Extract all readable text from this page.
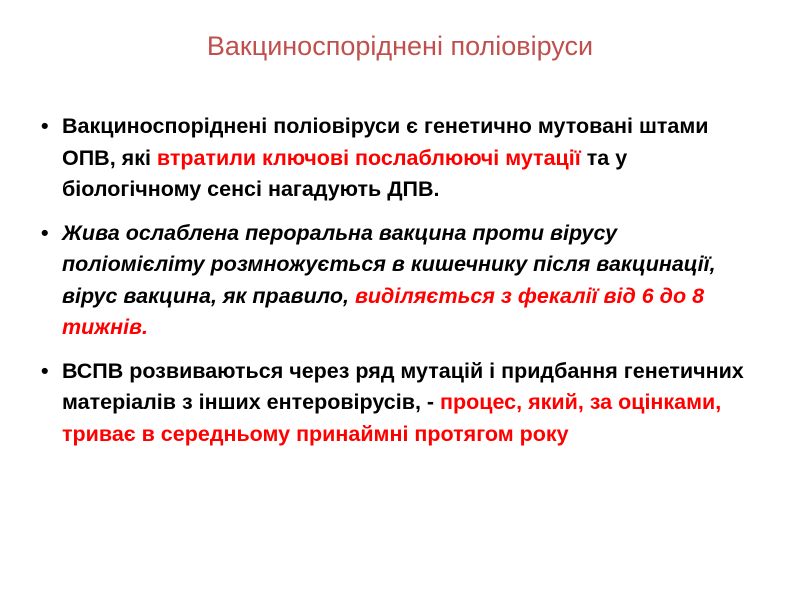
Вакциноспоріднені поліовіруси
• Вакциноспоріднені поліовіруси є генетично мутовані штами ОПВ, які втратили ключові послаблюючі мутації та у біологічному сенсі нагадують ДПВ.
• Жива ослаблена пероральна вакцина проти вірусу поліомієліту розмножується в кишечнику після вакцинації, вірус вакцина, як правило, виділяється з фекалії від 6 до 8 тижнів.
• ВСПВ розвиваються через ряд мутацій і придбання генетичних матеріалів з інших ентеровірусів, ‑ процес, який, за оцінками, триває в середньому принаймні протягом року
